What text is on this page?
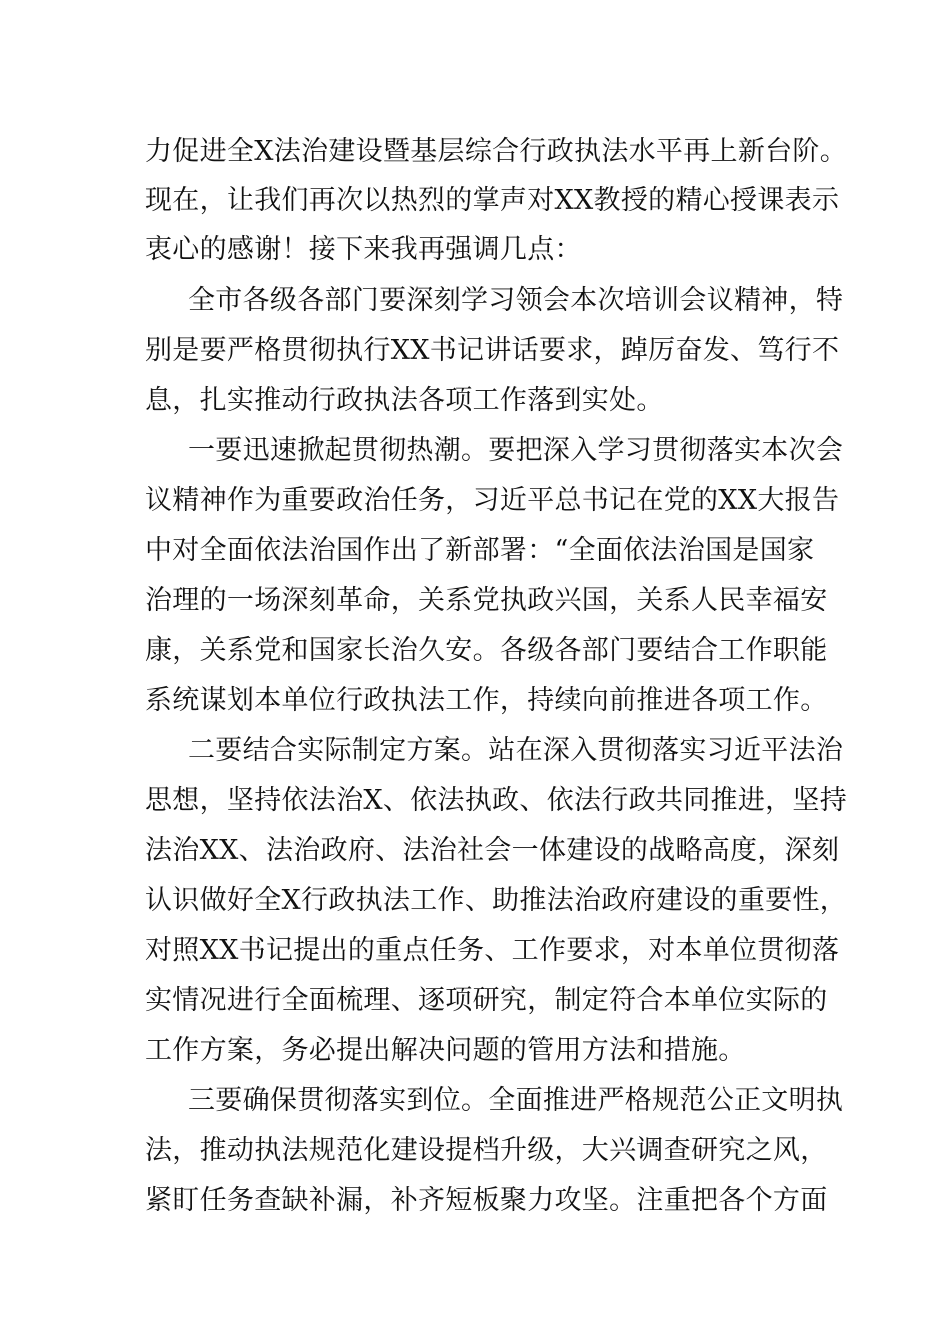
力促进全X法治建设暨基层综合行政执法水平再上新台阶。
现在，让我们再次以热烈的掌声对XX教授的精心授课表示
衷心的感谢！接下来我再强调几点：
全市各级各部门要深刻学习领会本次培训会议精神，特
别是要严格贯彻执行XX书记讲话要求，踔厉奋发、笃行不
息，扎实推动行政执法各项工作落到实处。
一要迅速掀起贯彻热潮。要把深入学习贯彻落实本次会
议精神作为重要政治任务，习近平总书记在党的XX大报告
中对全面依法治国作出了新部署：“全面依法治国是国家
治理的一场深刻革命，关系党执政兴国，关系人民幸福安
康，关系党和国家长治久安。各级各部门要结合工作职能
系统谋划本单位行政执法工作，持续向前推进各项工作。
二要结合实际制定方案。站在深入贯彻落实习近平法治
思想，坚持依法治X、依法执政、依法行政共同推进，坚持
法治XX、法治政府、法治社会一体建设的战略高度，深刻
认识做好全X行政执法工作、助推法治政府建设的重要性，
对照XX书记提出的重点任务、工作要求，对本单位贯彻落
实情况进行全面梳理、逐项研究，制定符合本单位实际的
工作方案，务必提出解决问题的管用方法和措施。
三要确保贯彻落实到位。全面推进严格规范公正文明执
法，推动执法规范化建设提档升级，大兴调查研究之风，
紧盯任务查缺补漏，补齐短板聚力攻坚。注重把各个方面
